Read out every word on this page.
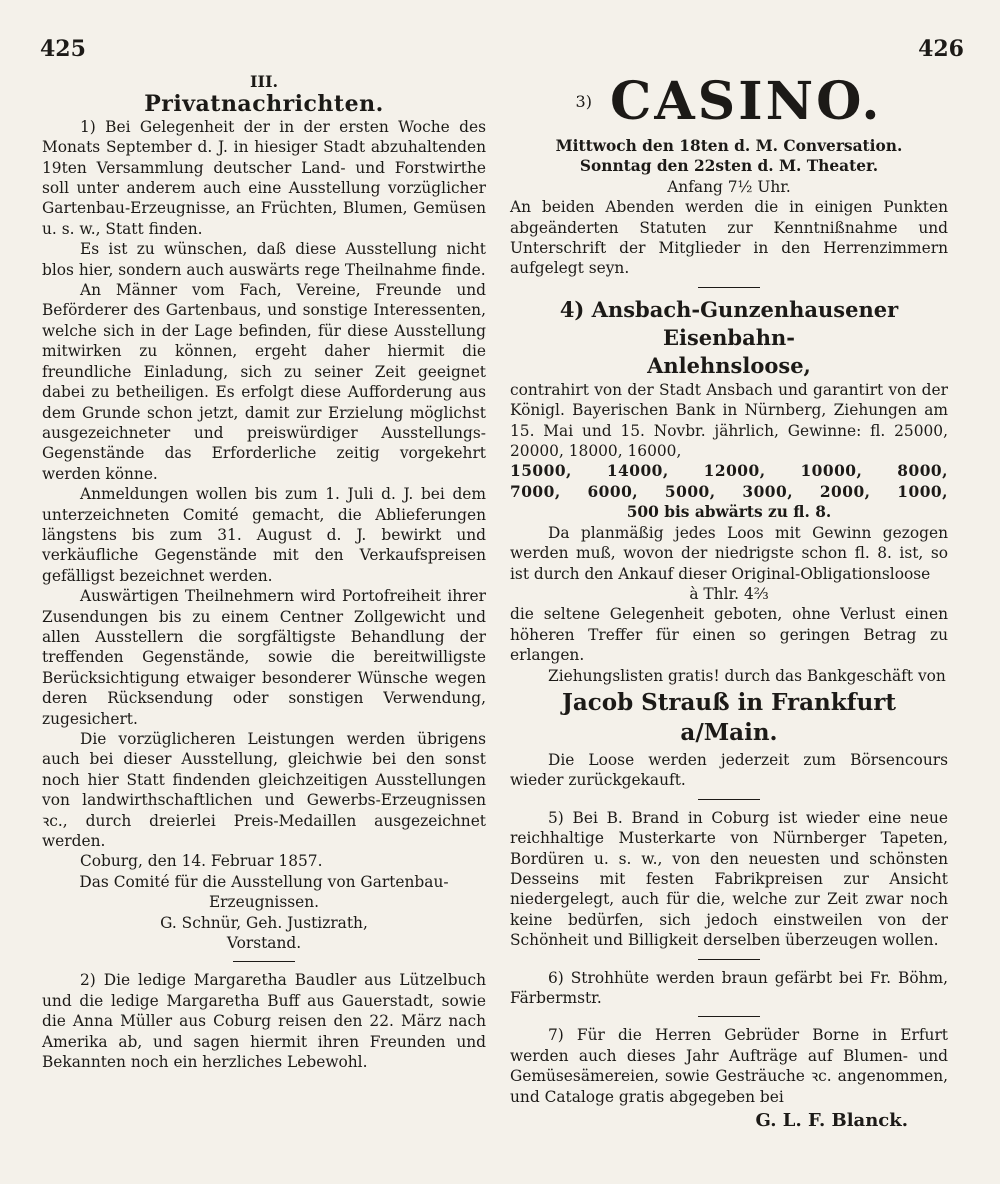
425	426
III.
Privatnachrichten.

1) Bei Gelegenheit der in der ersten Woche des Monats September d. J. in hiesiger Stadt abzuhaltenden 19ten Versammlung deutscher Land- und Forstwirthe soll unter anderem auch eine Ausstellung vorzüglicher Gartenbau-Erzeugnisse, an Früchten, Blumen, Gemüsen u. s. w., Statt finden.

Es ist zu wünschen, daß diese Ausstellung nicht blos hier, sondern auch auswärts rege Theilnahme finde.

An Männer vom Fach, Vereine, Freunde und Beförderer des Gartenbaus, und sonstige Interessenten, welche sich in der Lage befinden, für diese Ausstellung mitwirken zu können, ergeht daher hiermit die freundliche Einladung, sich zu seiner Zeit geeignet dabei zu betheiligen. Es erfolgt diese Aufforderung aus dem Grunde schon jetzt, damit zur Erzielung möglichst ausgezeichneter und preiswürdiger Ausstellungs-Gegenstände das Erforderliche zeitig vorgekehrt werden könne.

Anmeldungen wollen bis zum 1. Juli d. J. bei dem unterzeichneten Comité gemacht, die Ablieferungen längstens bis zum 31. August d. J. bewirkt und verkäufliche Gegenstände mit den Verkaufspreisen gefälligst bezeichnet werden.

Auswärtigen Theilnehmern wird Portofreiheit ihrer Zusendungen bis zu einem Centner Zollgewicht und allen Ausstellern die sorgfältigste Behandlung der treffenden Gegenstände, sowie die bereitwilligste Berücksichtigung etwaiger besonderer Wünsche wegen deren Rücksendung oder sonstigen Verwendung, zugesichert.

Die vorzüglicheren Leistungen werden übrigens auch bei dieser Ausstellung, gleichwie bei den sonst noch hier Statt findenden gleichzeitigen Ausstellungen von landwirthschaftlichen und Gewerbs-Erzeugnissen ꝛc., durch dreierlei Preis-Medaillen ausgezeichnet werden.

Coburg, den 14. Februar 1857.

Das Comité für die Ausstellung von Gartenbau-Erzeugnissen.

G. Schnür, Geh. Justizrath,

Vorstand.

2) Die ledige Margaretha Baudler aus Lützelbuch und die ledige Margaretha Buff aus Gauerstadt, sowie die Anna Müller aus Coburg reisen den 22. März nach Amerika ab, und sagen hiermit ihren Freunden und Bekannten noch ein herzliches Lebewohl.

3) CASINO.

Mittwoch den 18ten d. M. Conversation.

Sonntag den 22sten d. M. Theater.

Anfang 7½ Uhr.

An beiden Abenden werden die in einigen Punkten abgeänderten Statuten zur Kenntnißnahme und Unterschrift der Mitglieder in den Herrenzimmern aufgelegt seyn.

4) Ansbach-Gunzenhausener Eisenbahn-
Anlehnsloose,

contrahirt von der Stadt Ansbach und garantirt von der Königl. Bayerischen Bank in Nürnberg, Ziehungen am 15. Mai und 15. Novbr. jährlich, Gewinne: fl. 25000, 20000, 18000, 16000,

15000, 14000, 12000, 10000, 8000,

7000, 6000, 5000, 3000, 2000, 1000,

500 bis abwärts zu fl. 8.

Da planmäßig jedes Loos mit Gewinn gezogen werden muß, wovon der niedrigste schon fl. 8. ist, so ist durch den Ankauf dieser Original-Obligationsloose

à Thlr. 4⅔

die seltene Gelegenheit geboten, ohne Verlust einen höheren Treffer für einen so geringen Betrag zu erlangen.

Ziehungslisten gratis! durch das Bankgeschäft von

Jacob Strauß in Frankfurt a/Main.

Die Loose werden jederzeit zum Börsencours wieder zurückgekauft.

5) Bei B. Brand in Coburg ist wieder eine neue reichhaltige Musterkarte von Nürnberger Tapeten, Bordüren u. s. w., von den neuesten und schönsten Desseins mit festen Fabrikpreisen zur Ansicht niedergelegt, auch für die, welche zur Zeit zwar noch keine bedürfen, sich jedoch einstweilen von der Schönheit und Billigkeit derselben überzeugen wollen.

6) Strohhüte werden braun gefärbt bei Fr. Böhm, Färbermstr.

7) Für die Herren Gebrüder Borne in Erfurt werden auch dieses Jahr Aufträge auf Blumen- und Gemüsesämereien, sowie Gesträuche ꝛc. angenommen, und Cataloge gratis abgegeben bei

G. L. F. Blanck.
